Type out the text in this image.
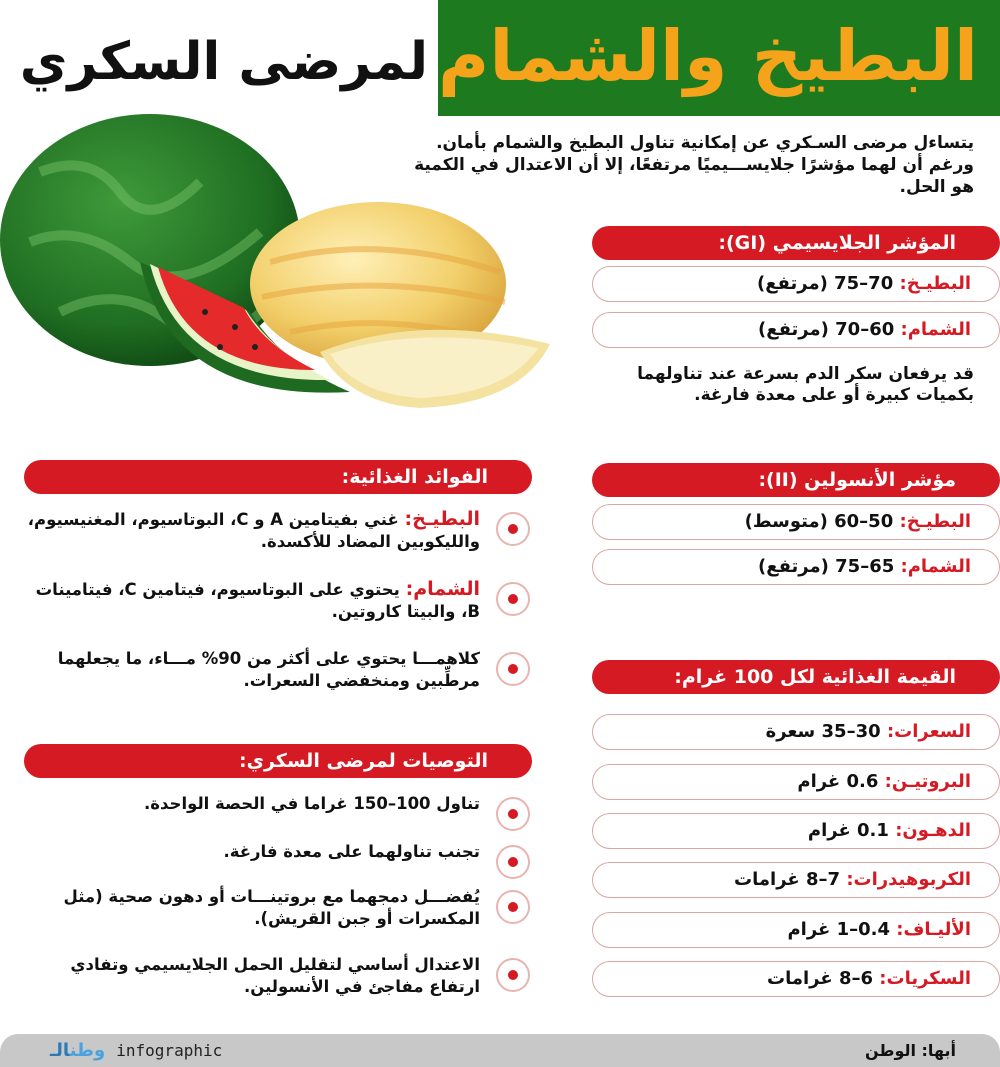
البطيخ والشمام
لمرضى السكري
يتساءل مرضى السـكري عن إمكانية تناول البطيخ والشمام بأمان. ورغم أن لهما مؤشرًا جلايســـيميًا مرتفعًا، إلا أن الاعتدال في الكمية هو الحل.
المؤشر الجلايسيمي (GI):
البطيـخ: 70–75 (مرتفع)
الشمام: 60–70 (مرتفع)
قد يرفعان سكر الدم بسرعة عند تناولهما بكميات كبيرة أو على معدة فارغة.
مؤشر الأنسولين (II):
البطيـخ: 50–60 (متوسط)
الشمام: 65–75 (مرتفع)
القيمة الغذائية لكل 100 غرام:
السعرات: 30–35 سعرة
البروتيـن: 0.6 غرام
الدهـون: 0.1 غرام
الكربوهيدرات: 7–8 غرامات
الأليـاف: 0.4–1 غرام
السكريات: 6–8 غرامات
الفوائد الغذائية:
البطيـخ: غني بفيتامين A و C، البوتاسيوم، المغنيسيوم، والليكوبين المضاد للأكسدة.
الشمام: يحتوي على البوتاسيوم، فيتامين C، فيتامينات B، والبيتا كاروتين.
كلاهمـــا يحتوي على أكثر من 90% مـــاء، ما يجعلهما مرطِّبين ومنخفضي السعرات.
التوصيات لمرضى السكري:
تناول 100–150 غراما في الحصة الواحدة.
تجنب تناولهما على معدة فارغة.
يُفضـــل دمجهما مع بروتينـــات أو دهون صحية (مثل المكسرات أو جبن القريش).
الاعتدال أساسي لتقليل الحمل الجلايسيمي وتفادي ارتفاع مفاجئ في الأنسولين.
أبها: الوطن
وطنالـ	infographic
